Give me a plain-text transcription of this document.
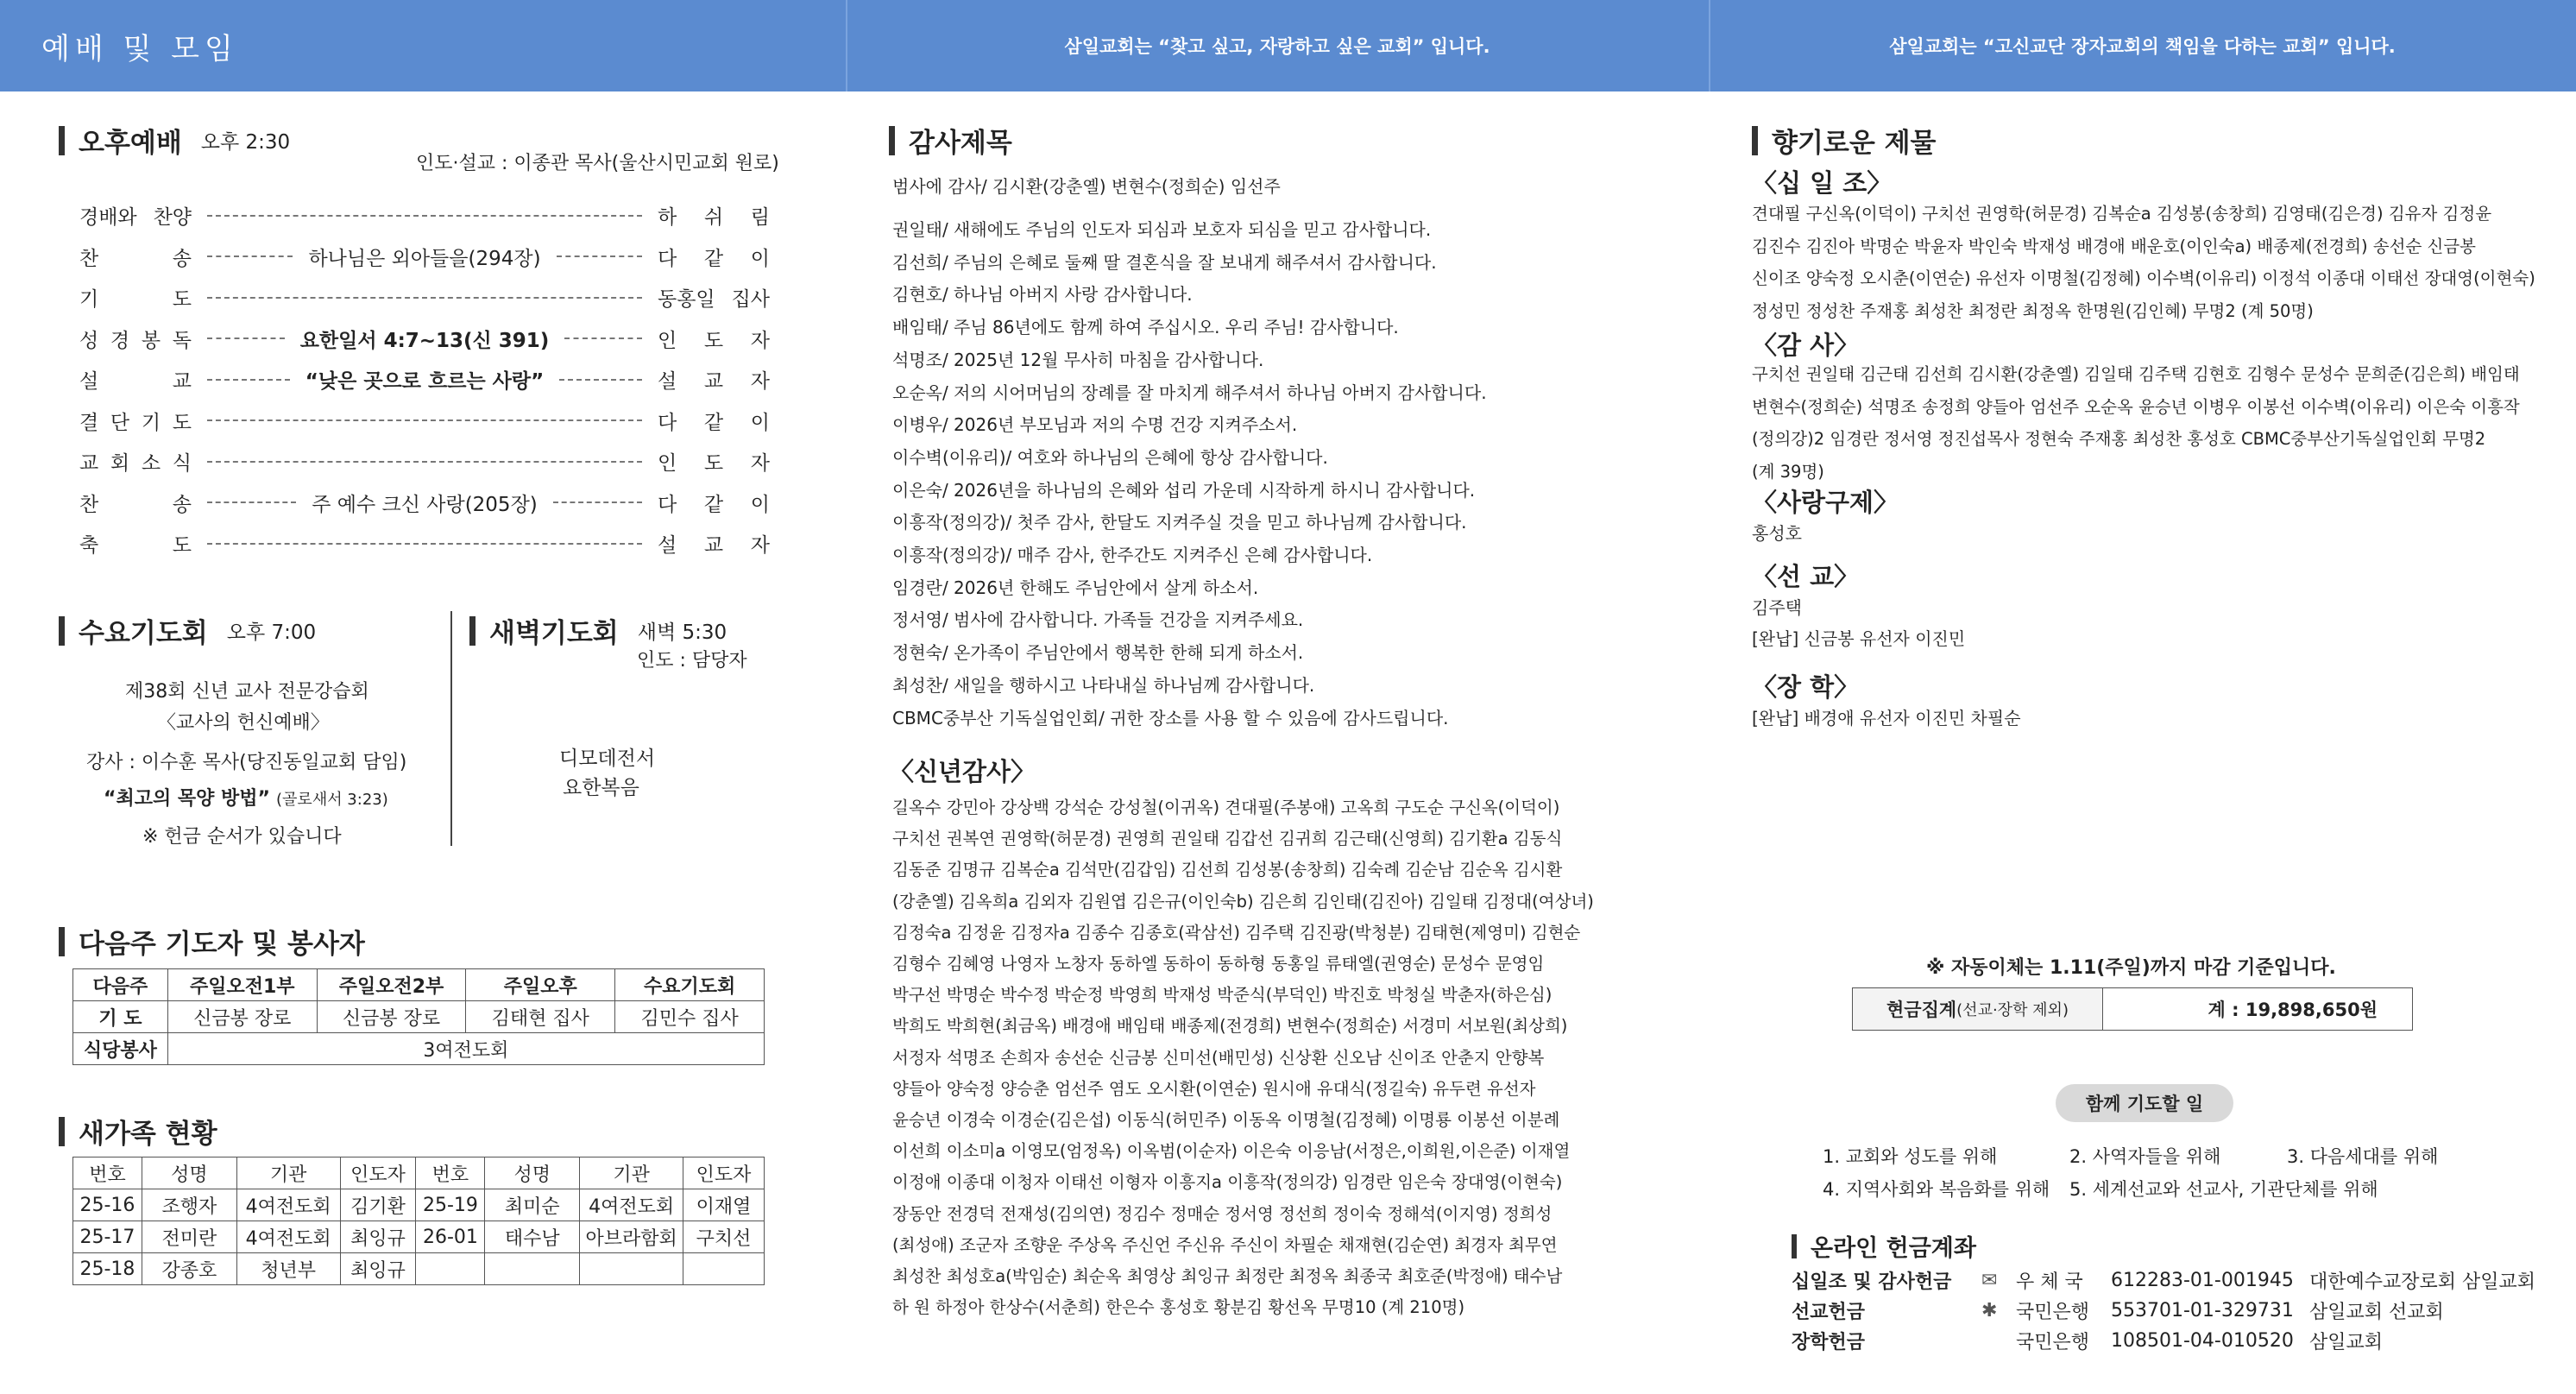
예배 및 모임	삼일교회는 “찾고 싶고, 자랑하고 싶은 교회” 입니다.	삼일교회는 “고신교단 장자교회의 책임을 다하는 교회” 입니다.
오후예배 오후 2:30
인도·설교 : 이종관 목사(울산시민교회 원로)
경배와 찬양	하 쉬 림
찬	송	하나님은 외아들을(294장)	다 같 이
기	도	동홍일 집사
성 경 봉 독	요한일서 4:7~13(신 391)	인 도 자
설	교	“낮은 곳으로 흐르는 사랑”	설 교 자
결 단 기 도	다 같 이
교 회 소 식	인 도 자
찬	송	주 예수 크신 사랑(205장)	다 같 이
축	도	설 교 자
수요기도회 오후 7:00
제38회 신년 교사 전문강습회
〈교사의 헌신예배〉
강사 : 이수훈 목사(당진동일교회 담임)
“최고의 목양 방법” (골로새서 3:23)
※ 헌금 순서가 있습니다
새벽기도회 새벽 5:30
인도 : 담당자
디모데전서
요한복음
다음주 기도자 및 봉사자
다음주	주일오전1부	주일오전2부	주일오후	수요기도회
기 도	신금봉 장로	신금봉 장로	김태현 집사	김민수 집사
식당봉사	3여전도회			
새가족 현황
번호	성명	기관	인도자	번호	성명	기관	인도자
25-16	조행자	4여전도회	김기환	25-19	최미순	4여전도회	이재열
25-17	전미란	4여전도회	최잉규	26-01	태수남	아브라함회	구치선
25-18	강종호	청년부	최잉규				
감사제목
범사에 감사/ 김시환(강춘옐) 변현수(정희순) 임선주
권일태/ 새해에도 주님의 인도자 되심과 보호자 되심을 믿고 감사합니다.
김선희/ 주님의 은혜로 둘째 딸 결혼식을 잘 보내게 해주셔서 감사합니다.
김현호/ 하나님 아버지 사랑 감사합니다.
배임태/ 주님 86년에도 함께 하여 주십시오. 우리 주님! 감사합니다.
석명조/ 2025년 12월 무사히 마침을 감사합니다.
오순옥/ 저의 시어머님의 장례를 잘 마치게 해주셔서 하나님 아버지 감사합니다.
이병우/ 2026년 부모님과 저의 수명 건강 지켜주소서.
이수벽(이유리)/ 여호와 하나님의 은혜에 항상 감사합니다.
이은숙/ 2026년을 하나님의 은혜와 섭리 가운데 시작하게 하시니 감사합니다.
이흥작(정의강)/ 첫주 감사, 한달도 지켜주실 것을 믿고 하나님께 감사합니다.
이흥작(정의강)/ 매주 감사, 한주간도 지켜주신 은혜 감사합니다.
임경란/ 2026년 한해도 주님안에서 살게 하소서.
정서영/ 범사에 감사합니다. 가족들 건강을 지켜주세요.
정현숙/ 온가족이 주님안에서 행복한 한해 되게 하소서.
최성찬/ 새일을 행하시고 나타내실 하나님께 감사합니다.
CBMC중부산 기독실업인회/ 귀한 장소를 사용 할 수 있음에 감사드립니다.
〈신년감사〉
길옥수 강민아 강상백 강석순 강성철(이귀옥) 견대필(주봉애) 고옥희 구도순 구신옥(이덕이)
구치선 권복연 권영학(허문경) 권영희 권일태 김갑선 김귀희 김근태(신영희) 김기환a 김동식
김동준 김명규 김복순a 김석만(김갑임) 김선희 김성봉(송창희) 김숙례 김순남 김순옥 김시환
(강춘옐) 김옥희a 김외자 김원엽 김은규(이인숙b) 김은희 김인태(김진아) 김일태 김정대(여상녀)
김정숙a 김정윤 김정자a 김종수 김종호(곽삼선) 김주택 김진광(박청분) 김태현(제영미) 김현순
김형수 김혜영 나영자 노창자 동하엘 동하이 동하형 동홍일 류태엘(권영순) 문성수 문영임
박구선 박명순 박수정 박순정 박영희 박재성 박준식(부덕인) 박진호 박청실 박춘자(하은심)
박희도 박희현(최금옥) 배경애 배임태 배종제(전경희) 변현수(정희순) 서경미 서보원(최상희)
서정자 석명조 손희자 송선순 신금봉 신미선(배민성) 신상환 신오남 신이조 안춘지 안향복
양들아 양숙정 양승춘 엄선주 염도 오시환(이연순) 원시애 유대식(정길숙) 유두련 유선자
윤승년 이경숙 이경순(김은섭) 이동식(허민주) 이동옥 이명철(김정혜) 이명룡 이봉선 이분례
이선희 이소미a 이영모(엄정옥) 이옥범(이순자) 이은숙 이응남(서정은,이희원,이은준) 이재열
이정애 이종대 이청자 이태선 이형자 이흥지a 이흥작(정의강) 임경란 임은숙 장대영(이현숙)
장동안 전경덕 전재성(김의연) 정김수 정매순 정서영 정선희 정이숙 정해석(이지영) 정희성
(최성애) 조군자 조향운 주상옥 주신언 주신유 주신이 차필순 채재현(김순연) 최경자 최무연
최성찬 최성호a(박임순) 최순옥 최영상 최잉규 최정란 최정옥 최종국 최호준(박정애) 태수남
하 원 하정아 한상수(서춘희) 한은수 홍성호 황분김 황선옥 무명10 (계 210명)
향기로운 제물
〈십 일 조〉
견대필 구신옥(이덕이) 구치선 권영학(허문경) 김복순a 김성봉(송창희) 김영태(김은경) 김유자 김정윤
김진수 김진아 박명순 박윤자 박인숙 박재성 배경애 배운호(이인숙a) 배종제(전경희) 송선순 신금봉
신이조 양숙정 오시춘(이연순) 유선자 이명철(김정혜) 이수벽(이유리) 이정석 이종대 이태선 장대영(이현숙)
정성민 정성찬 주재홍 최성찬 최정란 최정옥 한명원(김인혜) 무명2 (계 50명)
〈감 사〉
구치선 권일태 김근태 김선희 김시환(강춘옐) 김일태 김주택 김현호 김형수 문성수 문희준(김은희) 배임태
변현수(정희순) 석명조 송정희 양들아 엄선주 오순옥 윤승년 이병우 이봉선 이수벽(이유리) 이은숙 이흥작
(정의강)2 임경란 정서영 정진섭목사 정현숙 주재홍 최성찬 홍성호 CBMC중부산기독실업인회 무명2
(계 39명)
〈사랑구제〉
홍성호
〈선 교〉
김주택
[완납] 신금봉 유선자 이진민
〈장 학〉
[완납] 배경애 유선자 이진민 차필순
※ 자동이체는 1.11(주일)까지 마감 기준입니다.
현금집계 (선교·장학 제외)	계 : 19,898,650원
함께 기도할 일
1. 교회와 성도를 위해	2. 사역자들을 위해	3. 다음세대를 위해
4. 지역사회와 복음화를 위해 5. 세계선교와 선교사, 기관단체를 위해
온라인 헌금계좌
십일조 및 감사헌금	✉ 우 체 국	612283-01-001945 대한예수교장로회 삼일교회
선교헌금	✱ 국민은행	553701-01-329731 삼일교회 선교회
장학헌금	국민은행	108501-04-010520 삼일교회
